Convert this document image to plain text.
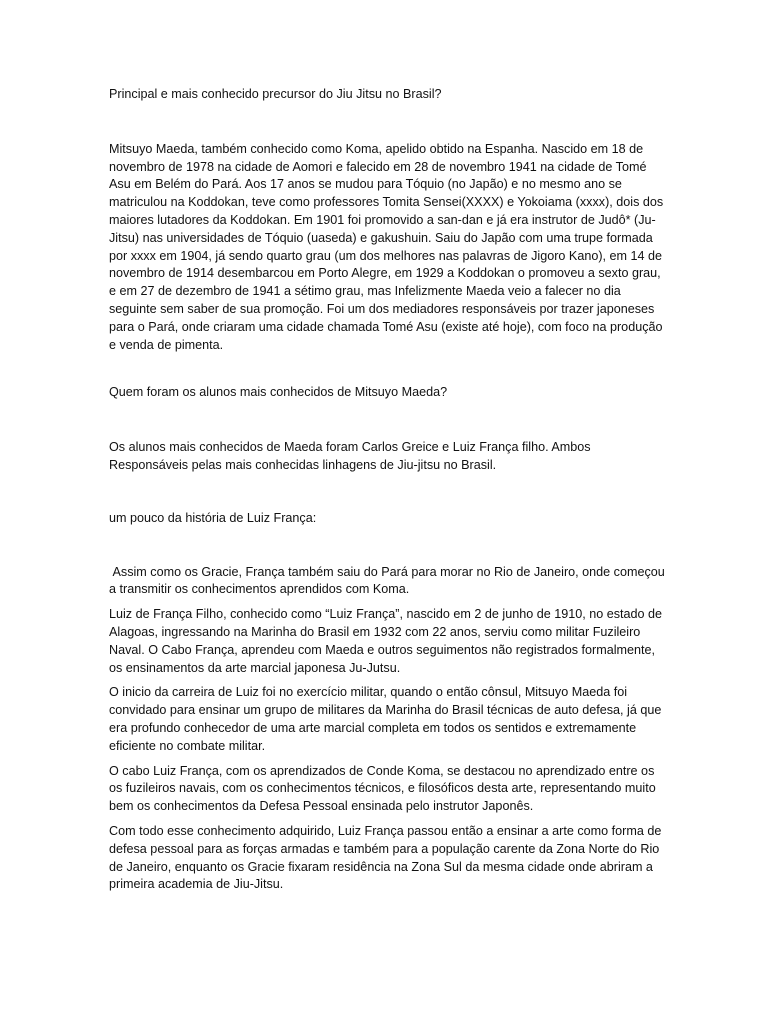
Principal e mais conhecido precursor do Jiu Jitsu no Brasil?

Mitsuyo Maeda, também conhecido como Koma, apelido obtido na Espanha. Nascido em 18 de novembro de 1978 na cidade de Aomori e falecido em 28 de novembro 1941 na cidade de Tomé Asu em Belém do Pará. Aos 17 anos se mudou para Tóquio (no Japão) e no mesmo ano se matriculou na Koddokan, teve como professores Tomita Sensei(XXXX) e Yokoiama (xxxx), dois dos maiores lutadores da Koddokan. Em 1901 foi promovido a san-dan e já era instrutor de Judô* (Ju-Jitsu) nas universidades de Tóquio (uaseda) e gakushuin. Saiu do Japão com uma trupe formada por xxxx em 1904, já sendo quarto grau (um dos melhores nas palavras de Jigoro Kano), em 14 de novembro de 1914 desembarcou em Porto Alegre, em 1929 a Koddokan o promoveu a sexto grau, e em 27 de dezembro de 1941 a sétimo grau, mas Infelizmente Maeda veio a falecer no dia seguinte sem saber de sua promoção. Foi um dos mediadores responsáveis por trazer japoneses para o Pará, onde criaram uma cidade chamada Tomé Asu (existe até hoje), com foco na produção e venda de pimenta.

Quem foram os alunos mais conhecidos de Mitsuyo Maeda?

Os alunos mais conhecidos de Maeda foram Carlos Greice e Luiz França filho. Ambos Responsáveis pelas mais conhecidas linhagens de Jiu-jitsu no Brasil.

um pouco da história de Luiz França:

Assim como os Gracie, França também saiu do Pará para morar no Rio de Janeiro, onde começou a transmitir os conhecimentos aprendidos com Koma.

Luiz de França Filho, conhecido como “Luiz França”, nascido em 2 de junho de 1910, no estado de Alagoas, ingressando na Marinha do Brasil em 1932 com 22 anos, serviu como militar Fuzileiro Naval. O Cabo França, aprendeu com Maeda e outros seguimentos não registrados formalmente, os ensinamentos da arte marcial japonesa Ju-Jutsu.

O inicio da carreira de Luiz foi no exercício militar, quando o então cônsul, Mitsuyo Maeda foi convidado para ensinar um grupo de militares da Marinha do Brasil técnicas de auto defesa, já que era profundo conhecedor de uma arte marcial completa em todos os sentidos e extremamente eficiente no combate militar.

O cabo Luiz França, com os aprendizados de Conde Koma, se destacou no aprendizado entre os os fuzileiros navais, com os conhecimentos técnicos, e filosóficos desta arte, representando muito bem os conhecimentos da Defesa Pessoal ensinada pelo instrutor Japonês.

Com todo esse conhecimento adquirido, Luiz França passou então a ensinar a arte como forma de defesa pessoal para as forças armadas e também para a população carente da Zona Norte do Rio de Janeiro, enquanto os Gracie fixaram residência na Zona Sul da mesma cidade onde abriram a primeira academia de Jiu-Jitsu.
